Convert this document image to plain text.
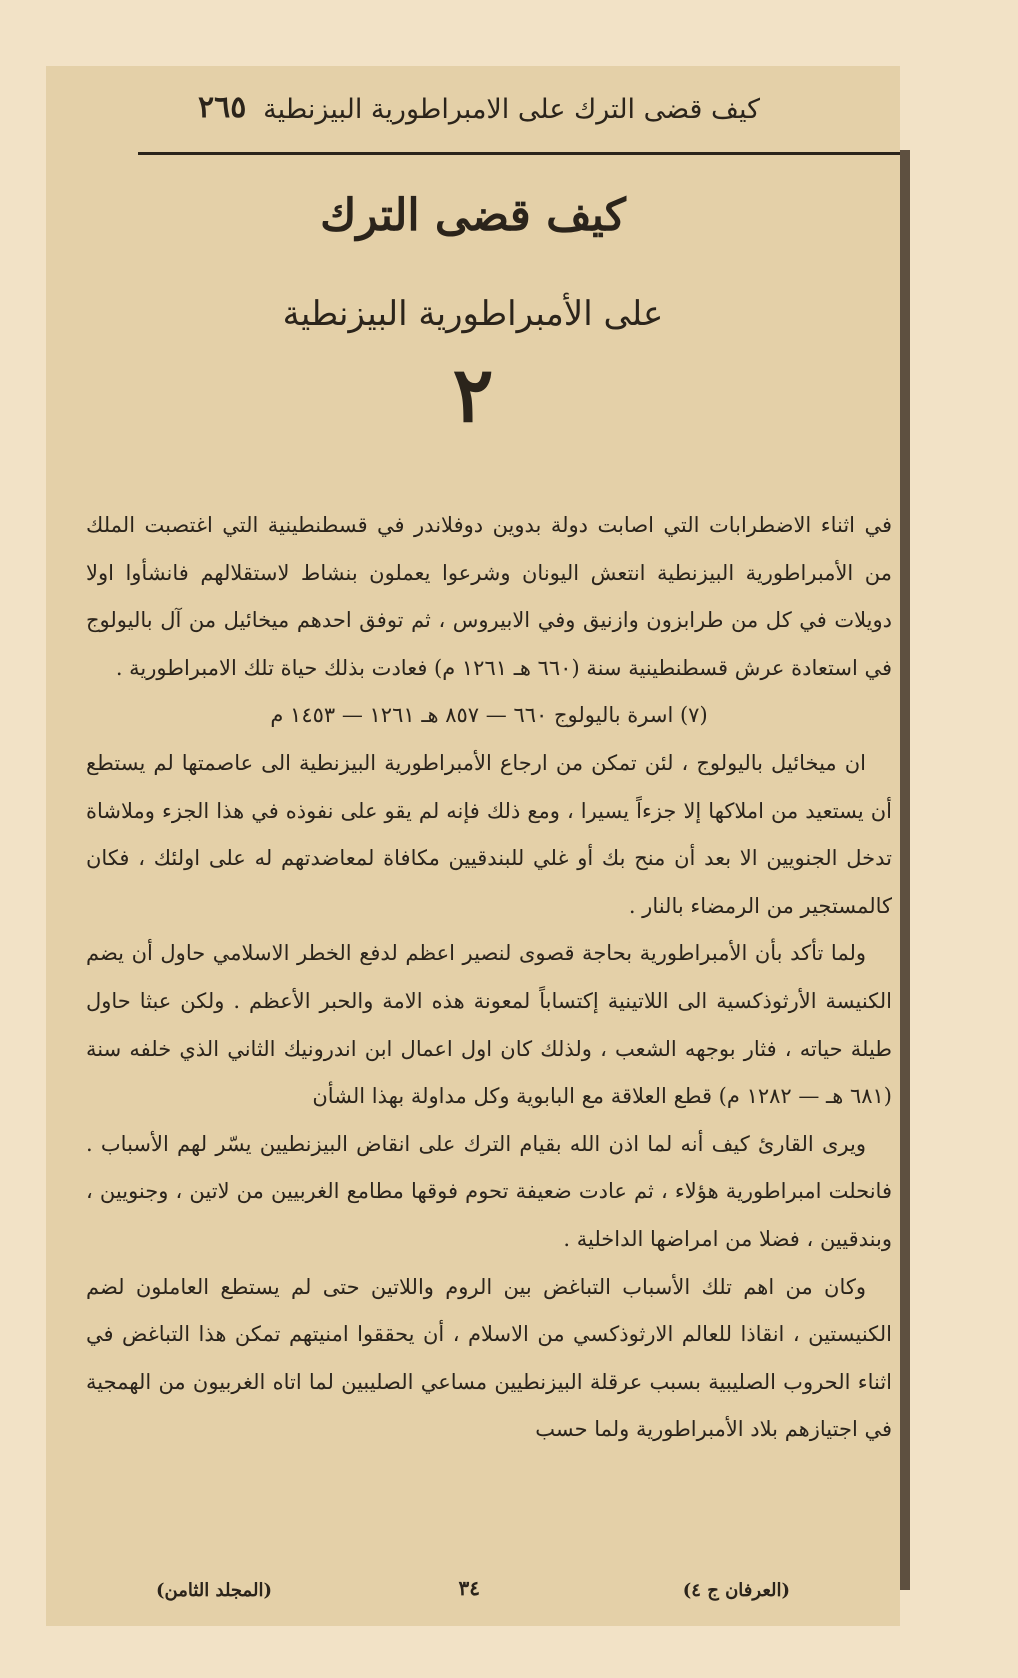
كيف قضى الترك على الامبراطورية البيزنطية
٢٦٥
كيف قضى الترك
على الأمبراطورية البيزنطية
٢

في اثناء الاضطرابات التي اصابت دولة بدوين دوفلاندر في قسطنطينية التي اغتصبت الملك من الأمبراطورية البيزنطية انتعش اليونان وشرعوا يعملون بنشاط لاستقلالهم فانشأوا اولا دويلات في كل من طرابزون وازنيق وفي الابيروس ، ثم توفق احدهم ميخائيل من آل باليولوج في استعادة عرش قسطنطينية سنة (٦٦٠ هـ ١٢٦١ م) فعادت بذلك حياة تلك الامبراطورية .

(٧) اسرة باليولوج ٦٦٠ — ٨٥٧ هـ ١٢٦١ — ١٤٥٣ م

ان ميخائيل باليولوج ، لئن تمكن من ارجاع الأمبراطورية البيزنطية الى عاصمتها لم يستطع أن يستعيد من املاكها إلا جزءاً يسيرا ، ومع ذلك فإنه لم يقو على نفوذه في هذا الجزء وملاشاة تدخل الجنويين الا بعد أن منح بك أو غلي للبندقيين مكافاة لمعاضدتهم له على اولئك ، فكان كالمستجير من الرمضاء بالنار .

ولما تأكد بأن الأمبراطورية بحاجة قصوى لنصير اعظم لدفع الخطر الاسلامي حاول أن يضم الكنيسة الأرثوذكسية الى اللاتينية إكتساباً لمعونة هذه الامة والحبر الأعظم . ولكن عبثا حاول طيلة حياته ، فثار بوجهه الشعب ، ولذلك كان اول اعمال ابن اندرونيك الثاني الذي خلفه سنة (٦٨١ هـ — ١٢٨٢ م) قطع العلاقة مع البابوية وكل مداولة بهذا الشأن

ويرى القارئ كيف أنه لما اذن الله بقيام الترك على انقاض البيزنطيين يسّر لهم الأسباب . فانحلت امبراطورية هؤلاء ، ثم عادت ضعيفة تحوم فوقها مطامع الغربيين من لاتين ، وجنويين ، وبندقيين ، فضلا من امراضها الداخلية .

وكان من اهم تلك الأسباب التباغض بين الروم واللاتين حتى لم يستطع العاملون لضم الكنيستين ، انقاذا للعالم الارثوذكسي من الاسلام ، أن يحققوا امنيتهم تمكن هذا التباغض في اثناء الحروب الصليبية بسبب عرقلة البيزنطيين مساعي الصليبين لما اتاه الغربيون من الهمجية في اجتيازهم بلاد الأمبراطورية ولما حسب

(العرفان ج ٤)
٣٤
(المجلد الثامن)
